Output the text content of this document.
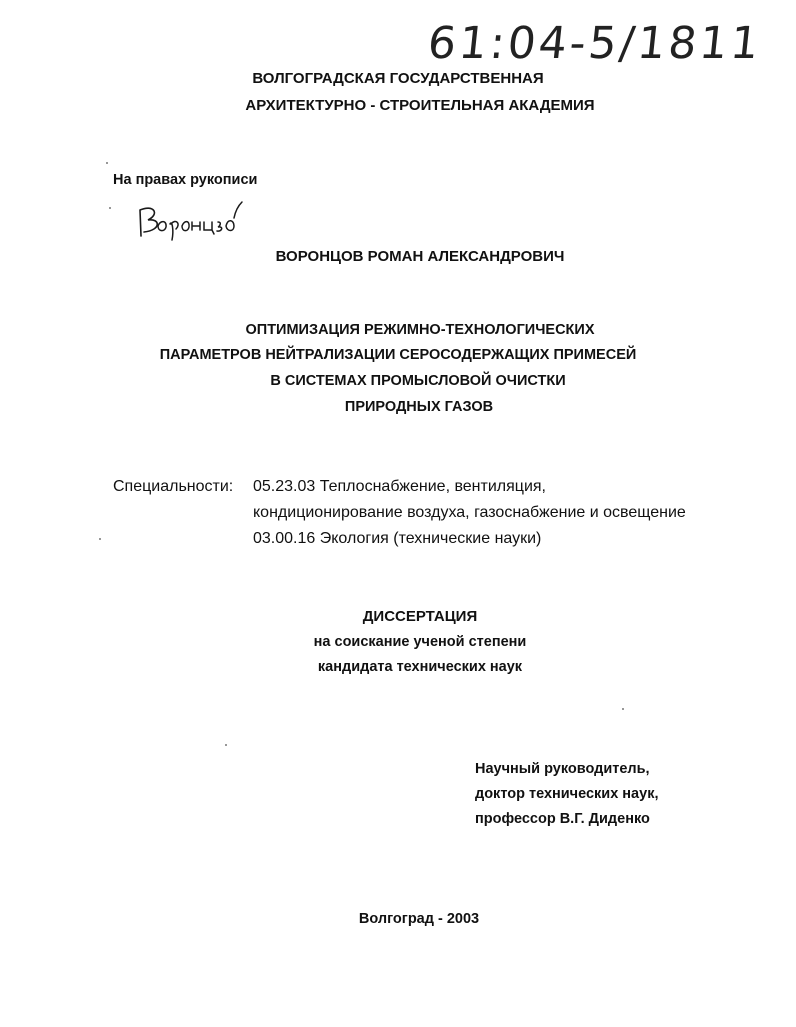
61:04-5/1811
ВОЛГОГРАДСКАЯ ГОСУДАРСТВЕННАЯ
АРХИТЕКТУРНО - СТРОИТЕЛЬНАЯ АКАДЕМИЯ
На правах рукописи
ВОРОНЦОВ РОМАН АЛЕКСАНДРОВИЧ
ОПТИМИЗАЦИЯ РЕЖИМНО-ТЕХНОЛОГИЧЕСКИХ
ПАРАМЕТРОВ НЕЙТРАЛИЗАЦИИ СЕРОСОДЕРЖАЩИХ ПРИМЕСЕЙ
В СИСТЕМАХ ПРОМЫСЛОВОЙ ОЧИСТКИ
ПРИРОДНЫХ ГАЗОВ
Специальности: 05.23.03 Теплоснабжение, вентиляция,
кондиционирование воздуха, газоснабжение и освещение
03.00.16 Экология (технические науки)
ДИССЕРТАЦИЯ
на соискание ученой степени
кандидата технических наук
Научный руководитель,
доктор технических наук,
профессор В.Г. Диденко
Волгоград - 2003
